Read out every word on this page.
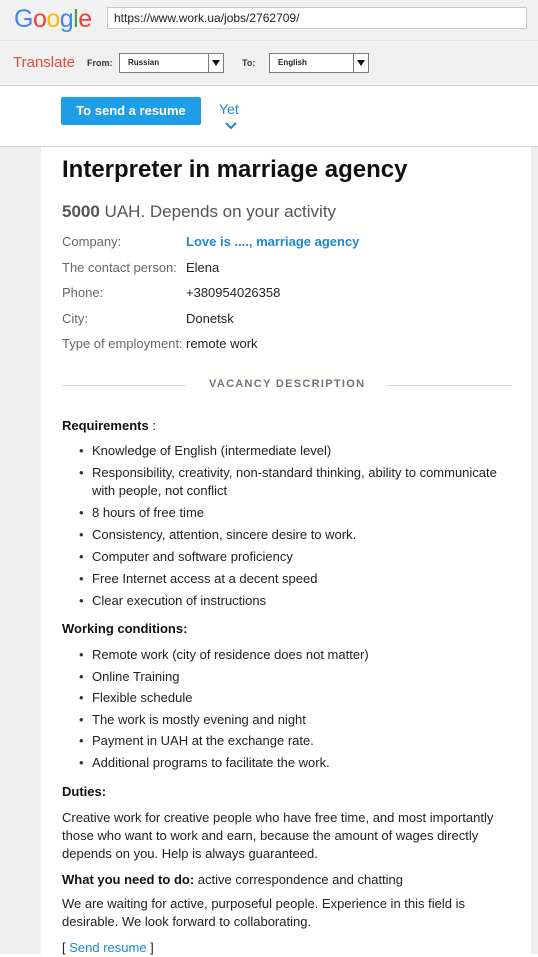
Google	https://www.work.ua/jobs/2762709/
Translate From:	Russian	To:	English
To send a resume	Yet
Interpreter in marriage agency
5000 UAH. Depends on your activity
Company:	Love is ...., marriage agency
The contact person: Elena
Phone:	+380954026358
City:	Donetsk
Type of employment: remote work
VACANCY DESCRIPTION
Requirements :
• Knowledge of English (intermediate level)
• Responsibility, creativity, non-standard thinking, ability to communicate with people, not conflict
• 8 hours of free time
• Consistency, attention, sincere desire to work.
• Computer and software proficiency
• Free Internet access at a decent speed
• Clear execution of instructions
Working conditions:
• Remote work (city of residence does not matter)
• Online Training
• Flexible schedule
• The work is mostly evening and night
• Payment in UAH at the exchange rate.
• Additional programs to facilitate the work.
Duties:
Creative work for creative people who have free time, and most importantly those who want to work and earn, because the amount of wages directly depends on you. Help is always guaranteed.
What you need to do: active correspondence and chatting
We are waiting for active, purposeful people. Experience in this field is desirable. We look forward to collaborating.
[ Send resume ]
